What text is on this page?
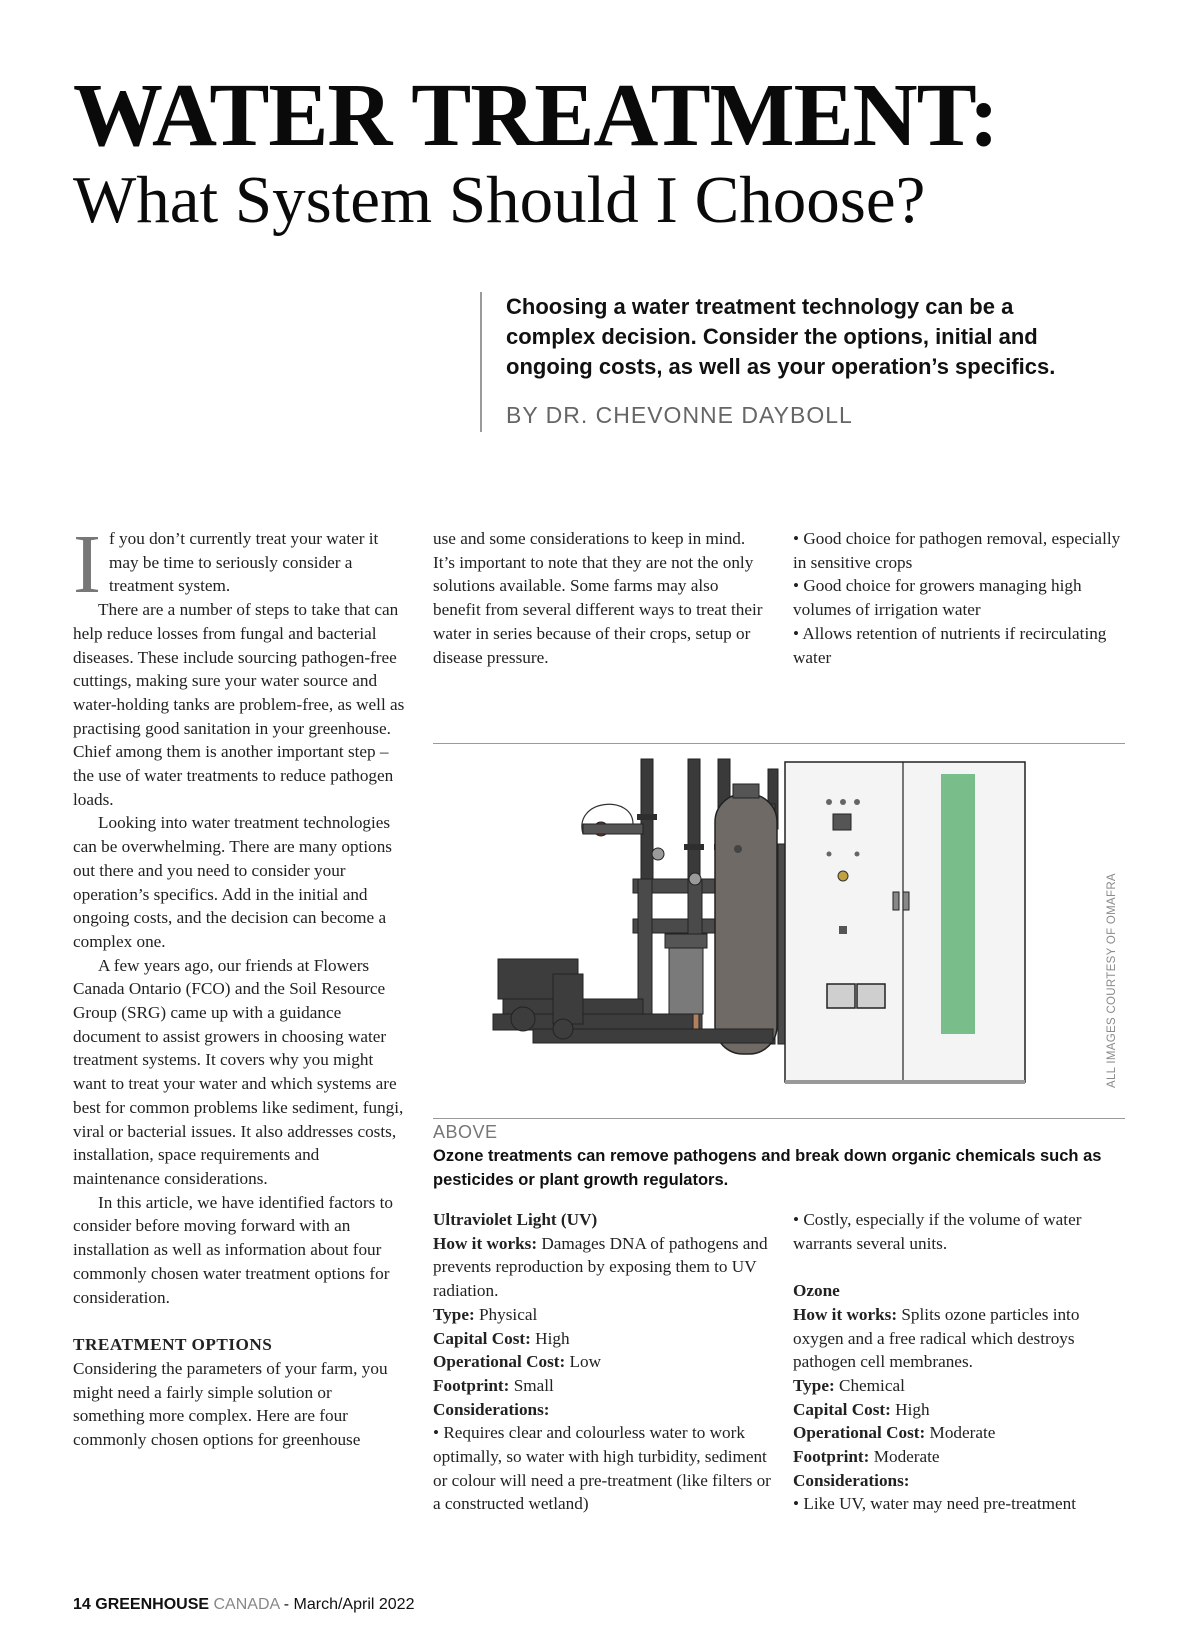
WATER TREATMENT:
What System Should I Choose?

Choosing a water treatment technology can be a complex decision. Consider the options, initial and ongoing costs, as well as your operation’s specifics.

BY DR. CHEVONNE DAYBOLL

If you don’t currently treat your water it may be time to seriously consider a treatment system.

There are a number of steps to take that can help reduce losses from fungal and bacterial diseases. These include sourcing pathogen-free cuttings, making sure your water source and water-holding tanks are problem-free, as well as practising good sanitation in your greenhouse. Chief among them is another important step – the use of water treatments to reduce pathogen loads.

Looking into water treatment technologies can be overwhelming. There are many options out there and you need to consider your operation’s specifics. Add in the initial and ongoing costs, and the decision can become a complex one.

A few years ago, our friends at Flowers Canada Ontario (FCO) and the Soil Resource Group (SRG) came up with a guidance document to assist growers in choosing water treatment systems. It covers why you might want to treat your water and which systems are best for common problems like sediment, fungi, viral or bacterial issues. It also addresses costs, installation, space requirements and maintenance considerations.

In this article, we have identified factors to consider before moving forward with an installation as well as information about four commonly chosen water treatment options for consideration.

TREATMENT OPTIONS

Considering the parameters of your farm, you might need a fairly simple solution or something more complex. Here are four commonly chosen options for greenhouse

use and some considerations to keep in mind. It’s important to note that they are not the only solutions available. Some farms may also benefit from several different ways to treat their water in series because of their crops, setup or disease pressure.

• Good choice for pathogen removal, especially in sensitive crops

• Good choice for growers managing high volumes of irrigation water

• Allows retention of nutrients if recirculating water

ALL IMAGES COURTESY OF OMAFRA
ABOVE
Ozone treatments can remove pathogens and break down organic chemicals such as pesticides or plant growth regulators.

Ultraviolet Light (UV)

How it works: Damages DNA of pathogens and prevents reproduction by exposing them to UV radiation.

Type: Physical

Capital Cost: High

Operational Cost: Low

Footprint: Small

Considerations:

• Requires clear and colourless water to work optimally, so water with high turbidity, sediment or colour will need a pre-treatment (like filters or a constructed wetland)

• Costly, especially if the volume of water warrants several units.

Ozone

How it works: Splits ozone particles into oxygen and a free radical which destroys pathogen cell membranes.

Type: Chemical

Capital Cost: High

Operational Cost: Moderate

Footprint: Moderate

Considerations:

• Like UV, water may need pre-treatment

14 GREENHOUSE CANADA - March/April 2022
